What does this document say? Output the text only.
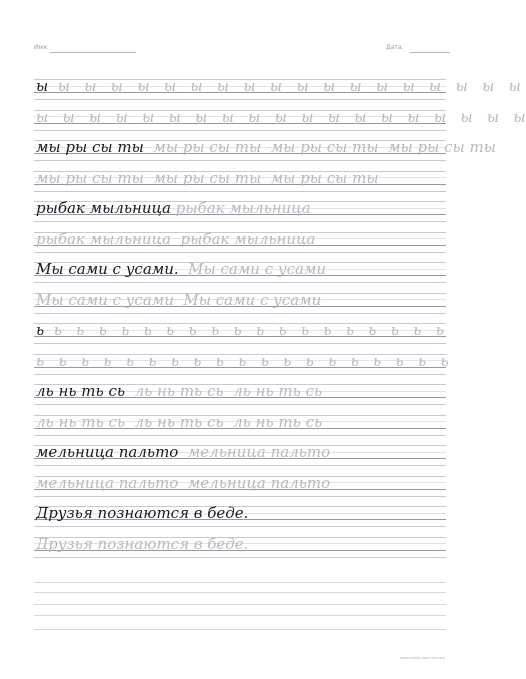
Имя:	Дата:
ы  ы   ы   ы   ы   ы   ы   ы   ы   ы   ы   ы   ы   ы   ы   ы   ы   ы   ы
ы   ы   ы   ы   ы   ы   ы   ы   ы   ы   ы   ы   ы   ы   ы   ы   ы   ы   ы
мы ры сы ты  мы ры сы ты  мы ры сы ты  мы ры сы ты
мы ры сы ты  мы ры сы ты  мы ры сы ты
рыбак мыльница рыбак мыльница
рыбак мыльница  рыбак мыльница
Мы сами с усами.  Мы сами с усами
Мы сами с усами  Мы сами с усами
ь  ь   ь   ь   ь   ь   ь   ь   ь   ь   ь   ь   ь   ь   ь   ь   ь   ь   ь
ь   ь   ь   ь   ь   ь   ь   ь   ь   ь   ь   ь   ь   ь   ь   ь   ь   ь   ь
ль нь ть сь  ль нь ть сь  ль нь ть сь
ль нь ть сь  ль нь ть сь  ль нь ть сь
мельница пальто  мельница пальто
мельница пальто  мельница пальто
Друзья познаются в беде.
Друзья познаются в беде.
www.prosto-kak.ru/prosto
